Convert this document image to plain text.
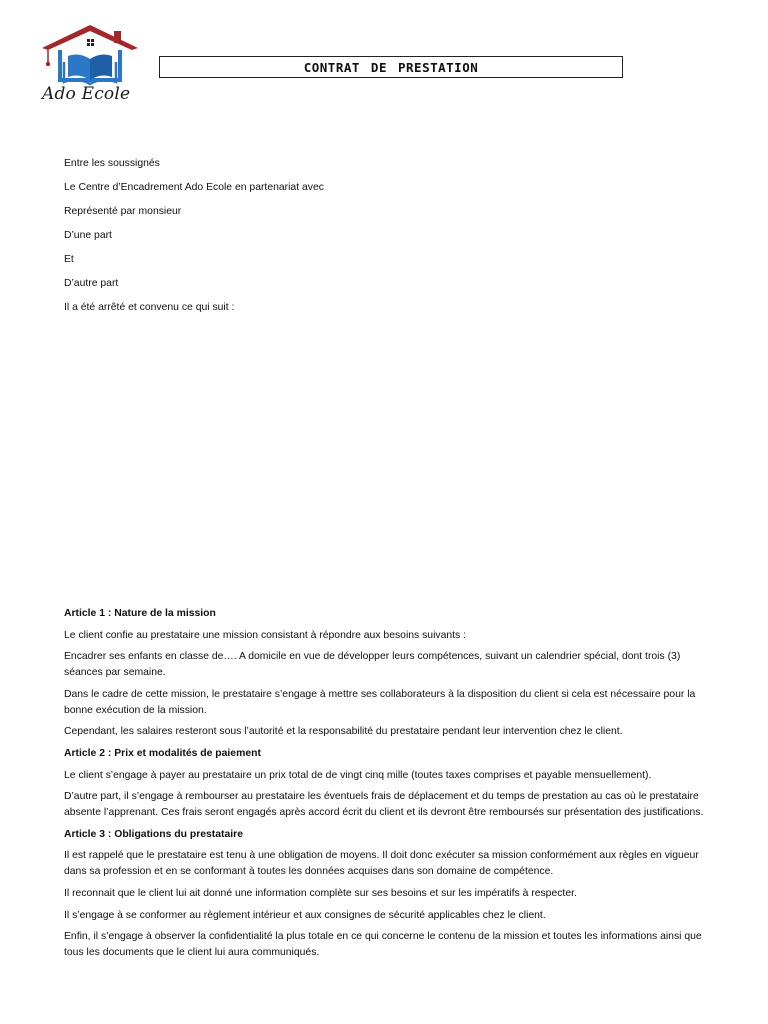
Ado Ecole
CONTRAT DE PRESTATION

Entre les soussignés

Le Centre d’Encadrement Ado Ecole en partenariat avec

Représenté par monsieur

D’une part

Et

D’autre part

Il a été arrêté et convenu ce qui suit :

Article 1 : Nature de la mission

Le client confie au prestataire une mission consistant à répondre aux besoins suivants :

Encadrer ses enfants en classe de…. A domicile en vue de développer leurs compétences, suivant un calendrier spécial, dont trois (3) séances par semaine.

Dans le cadre de cette mission, le prestataire s’engage à mettre ses collaborateurs à la disposition du client si cela est nécessaire pour la bonne exécution de la mission.

Cependant, les salaires resteront sous l’autorité et la responsabilité du prestataire pendant leur intervention chez le client.

Article 2 : Prix et modalités de paiement

Le client s’engage à payer au prestataire un prix total de de vingt cinq mille (toutes taxes comprises et payable mensuellement).

D’autre part, il s’engage à rembourser au prestataire les éventuels frais de déplacement et du temps de prestation au cas où le prestataire absente l’apprenant. Ces frais seront engagés après accord écrit du client et ils devront être remboursés sur présentation des justifications.

Article 3 : Obligations du prestataire

Il est rappelé que le prestataire est tenu à une obligation de moyens. Il doit donc exécuter sa mission conformément aux règles en vigueur dans sa profession et en se conformant à toutes les données acquises dans son domaine de compétence.

Il reconnait que le client lui ait donné une information complète sur ses besoins et sur les impératifs à respecter.

Il s’engage à se conformer au règlement intérieur et aux consignes de sécurité applicables chez le client.

Enfin, il s’engage à observer la confidentialité la plus totale en ce qui concerne le contenu de la mission et toutes les informations ainsi que tous les documents que le client lui aura communiqués.
